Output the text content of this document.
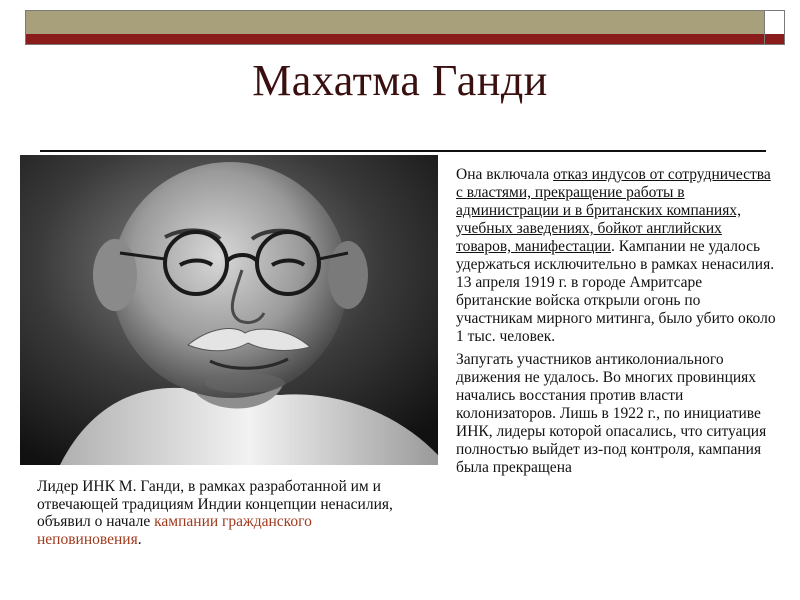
Махатма Ганди
Лидер ИНК М. Ганди, в рамках разработанной им и отвечающей традициям Индии концепции ненасилия, объявил о начале кампании гражданского неповиновения.

Она включала отказ индусов от сотрудничества с властями, прекращение работы в администрации и в британских компаниях, учебных заведениях, бойкот английских товаров, манифестации. Кампании не удалось удержаться исключительно в рамках ненасилия. 13 апреля 1919 г. в городе Амритсаре британские войска открыли огонь по участникам мирного митинга, было убито около 1 тыс. человек.

Запугать участников антиколониального движения не удалось. Во многих провинциях начались восстания против власти колонизаторов. Лишь в 1922 г., по инициативе ИНК, лидеры которой опасались, что ситуация полностью выйдет из-под контроля, кампания была прекращена
